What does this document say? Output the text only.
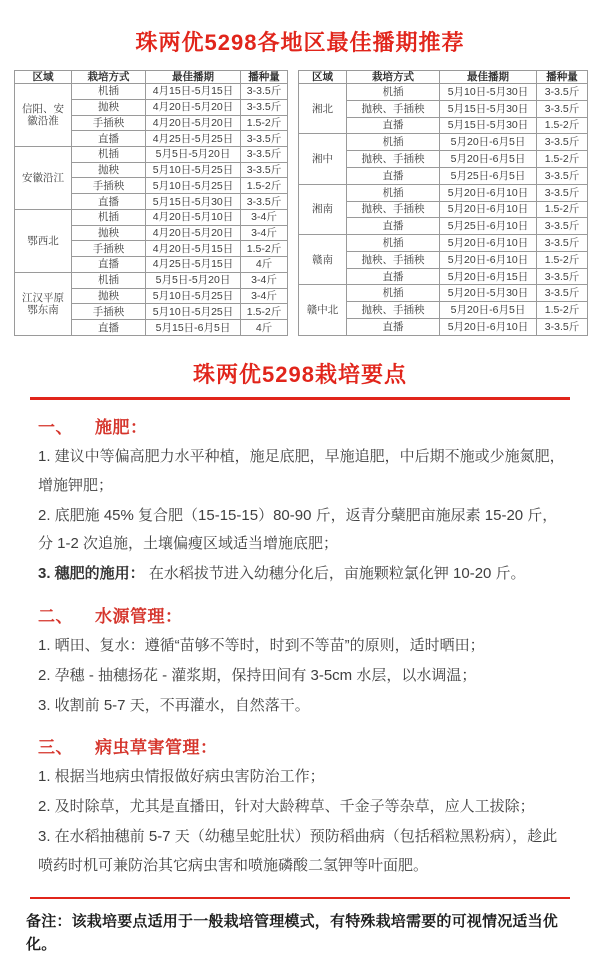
珠两优5298各地区最佳播期推荐
区域	栽培方式	最佳播期	播种量
信阳、安徽沿淮	机插	4月15日-5月15日	3-3.5斤
	抛秧	4月20日-5月20日	3-3.5斤
	手插秧	4月20日-5月20日	1.5-2斤
	直播	4月25日-5月25日	3-3.5斤
安徽沿江	机插	5月5日-5月20日	3-3.5斤
	抛秧	5月10日-5月25日	3-3.5斤
	手插秧	5月10日-5月25日	1.5-2斤
	直播	5月15日-5月30日	3-3.5斤
鄂西北	机插	4月20日-5月10日	3-4斤
	抛秧	4月20日-5月20日	3-4斤
	手插秧	4月20日-5月15日	1.5-2斤
	直播	4月25日-5月15日	4斤
江汉平原鄂东南	机插	5月5日-5月20日	3-4斤
	抛秧	5月10日-5月25日	3-4斤
	手插秧	5月10日-5月25日	1.5-2斤
	直播	5月15日-6月5日	4斤
区域	栽培方式	最佳播期	播种量
湘北	机插	5月10日-5月30日	3-3.5斤
	抛秧、手插秧	5月15日-5月30日	3-3.5斤
	直播	5月15日-5月30日	1.5-2斤
湘中	机插	5月20日-6月5日	3-3.5斤
	抛秧、手插秧	5月20日-6月5日	1.5-2斤
	直播	5月25日-6月5日	3-3.5斤
湘南	机插	5月20日-6月10日	3-3.5斤
	抛秧、手插秧	5月20日-6月10日	1.5-2斤
	直播	5月25日-6月10日	3-3.5斤
赣南	机插	5月20日-6月10日	3-3.5斤
	抛秧、手插秧	5月20日-6月10日	1.5-2斤
	直播	5月20日-6月15日	3-3.5斤
赣中北	机插	5月20日-5月30日	3-3.5斤
	抛秧、手插秧	5月20日-6月5日	1.5-2斤
	直播	5月20日-6月10日	3-3.5斤
珠两优5298栽培要点
一、 施肥：

1. 建议中等偏高肥力水平种植，施足底肥，早施追肥，中后期不施或少施氮肥，增施钾肥；

2. 底肥施 45% 复合肥（15-15-15）80-90 斤，返青分蘖肥亩施尿素 15-20 斤，分 1-2 次追施，土壤偏瘦区域适当增施底肥；

3. 穗肥的施用： 在水稻拔节进入幼穗分化后，亩施颗粒氯化钾 10-20 斤。

二、 水源管理：

1. 晒田、复水：遵循“苗够不等时，时到不等苗”的原则，适时晒田；

2. 孕穗 - 抽穗扬花 - 灌浆期，保持田间有 3-5cm 水层，以水调温；

3. 收割前 5-7 天，不再灌水，自然落干。

三、 病虫草害管理：

1. 根据当地病虫情报做好病虫害防治工作；

2. 及时除草，尤其是直播田，针对大龄稗草、千金子等杂草，应人工拔除；

3. 在水稻抽穗前 5-7 天（幼穗呈蛇肚状）预防稻曲病（包括稻粒黑粉病），趁此喷药时机可兼防治其它病虫害和喷施磷酸二氢钾等叶面肥。

备注：该栽培要点适用于一般栽培管理模式，有特殊栽培需要的可视情况适当优化。
